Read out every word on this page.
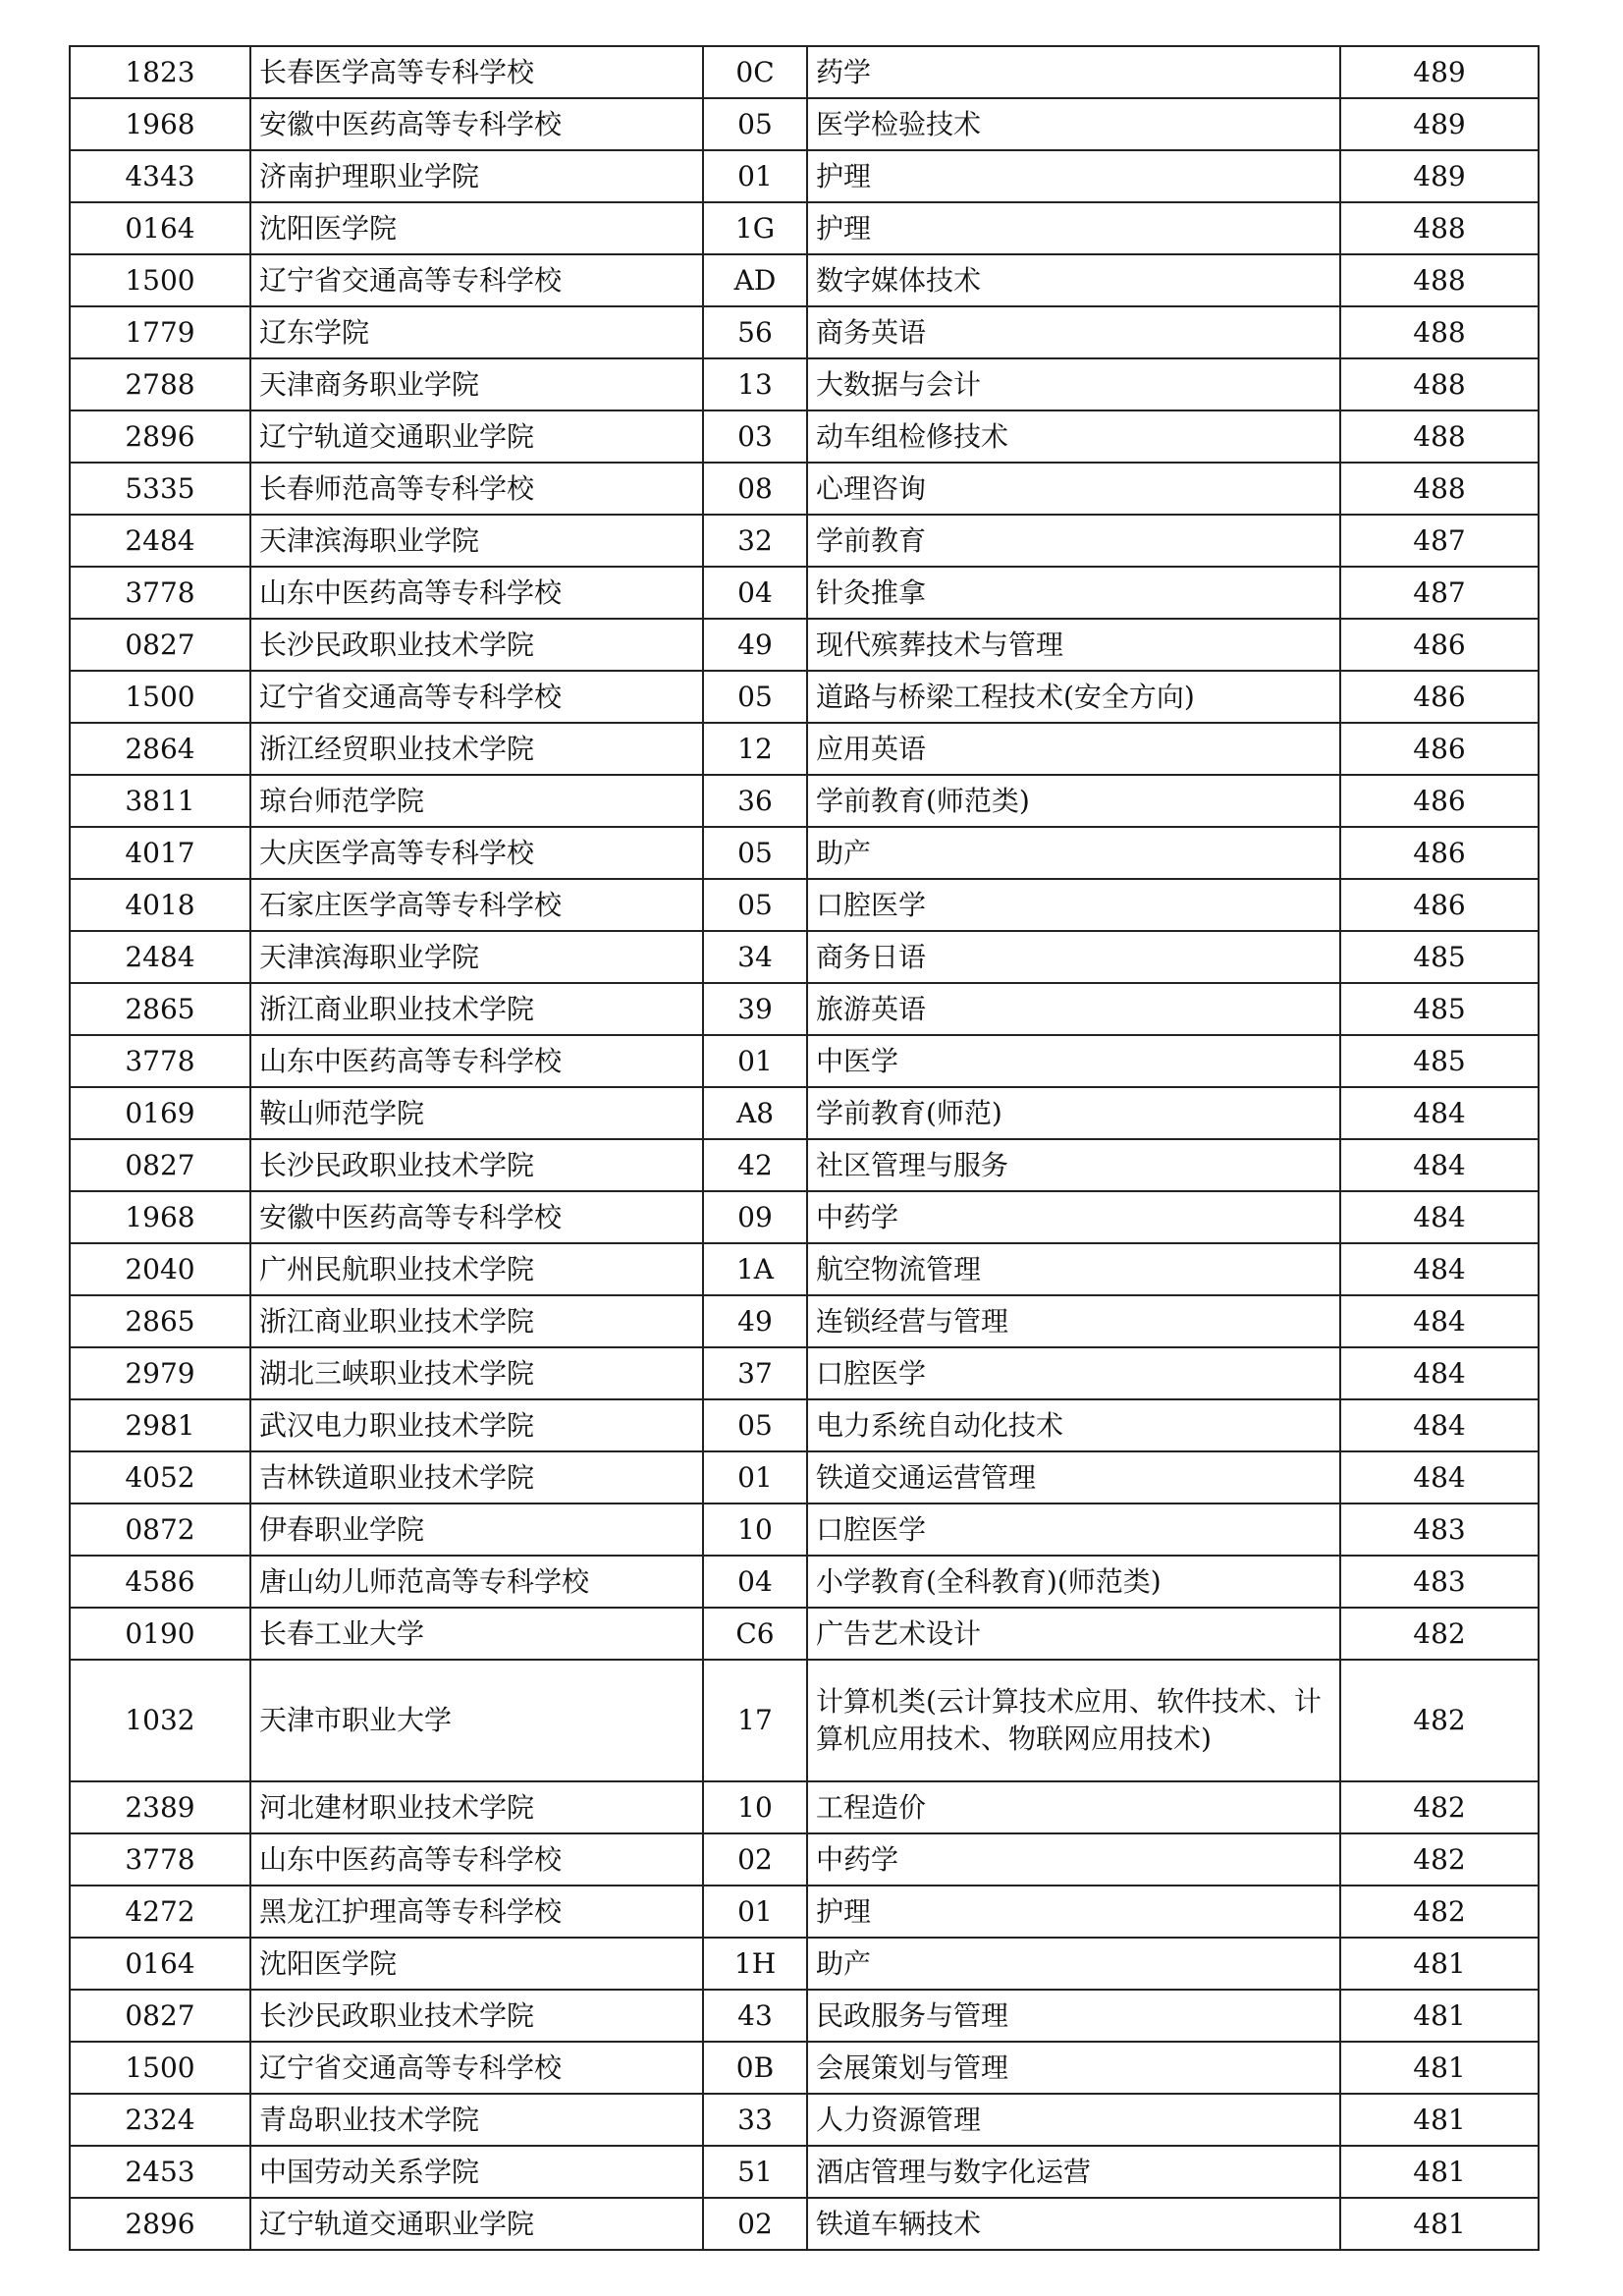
1823	长春医学高等专科学校	0C	药学	489
1968	安徽中医药高等专科学校	05	医学检验技术	489
4343	济南护理职业学院	01	护理	489
0164	沈阳医学院	1G	护理	488
1500	辽宁省交通高等专科学校	AD	数字媒体技术	488
1779	辽东学院	56	商务英语	488
2788	天津商务职业学院	13	大数据与会计	488
2896	辽宁轨道交通职业学院	03	动车组检修技术	488
5335	长春师范高等专科学校	08	心理咨询	488
2484	天津滨海职业学院	32	学前教育	487
3778	山东中医药高等专科学校	04	针灸推拿	487
0827	长沙民政职业技术学院	49	现代殡葬技术与管理	486
1500	辽宁省交通高等专科学校	05	道路与桥梁工程技术(安全方向)	486
2864	浙江经贸职业技术学院	12	应用英语	486
3811	琼台师范学院	36	学前教育(师范类)	486
4017	大庆医学高等专科学校	05	助产	486
4018	石家庄医学高等专科学校	05	口腔医学	486
2484	天津滨海职业学院	34	商务日语	485
2865	浙江商业职业技术学院	39	旅游英语	485
3778	山东中医药高等专科学校	01	中医学	485
0169	鞍山师范学院	A8	学前教育(师范)	484
0827	长沙民政职业技术学院	42	社区管理与服务	484
1968	安徽中医药高等专科学校	09	中药学	484
2040	广州民航职业技术学院	1A	航空物流管理	484
2865	浙江商业职业技术学院	49	连锁经营与管理	484
2979	湖北三峡职业技术学院	37	口腔医学	484
2981	武汉电力职业技术学院	05	电力系统自动化技术	484
4052	吉林铁道职业技术学院	01	铁道交通运营管理	484
0872	伊春职业学院	10	口腔医学	483
4586	唐山幼儿师范高等专科学校	04	小学教育(全科教育)(师范类)	483
0190	长春工业大学	C6	广告艺术设计	482
1032	天津市职业大学	17	计算机类(云计算技术应用、软件技术、计算机应用技术、物联网应用技术)	482
2389	河北建材职业技术学院	10	工程造价	482
3778	山东中医药高等专科学校	02	中药学	482
4272	黑龙江护理高等专科学校	01	护理	482
0164	沈阳医学院	1H	助产	481
0827	长沙民政职业技术学院	43	民政服务与管理	481
1500	辽宁省交通高等专科学校	0B	会展策划与管理	481
2324	青岛职业技术学院	33	人力资源管理	481
2453	中国劳动关系学院	51	酒店管理与数字化运营	481
2896	辽宁轨道交通职业学院	02	铁道车辆技术	481
